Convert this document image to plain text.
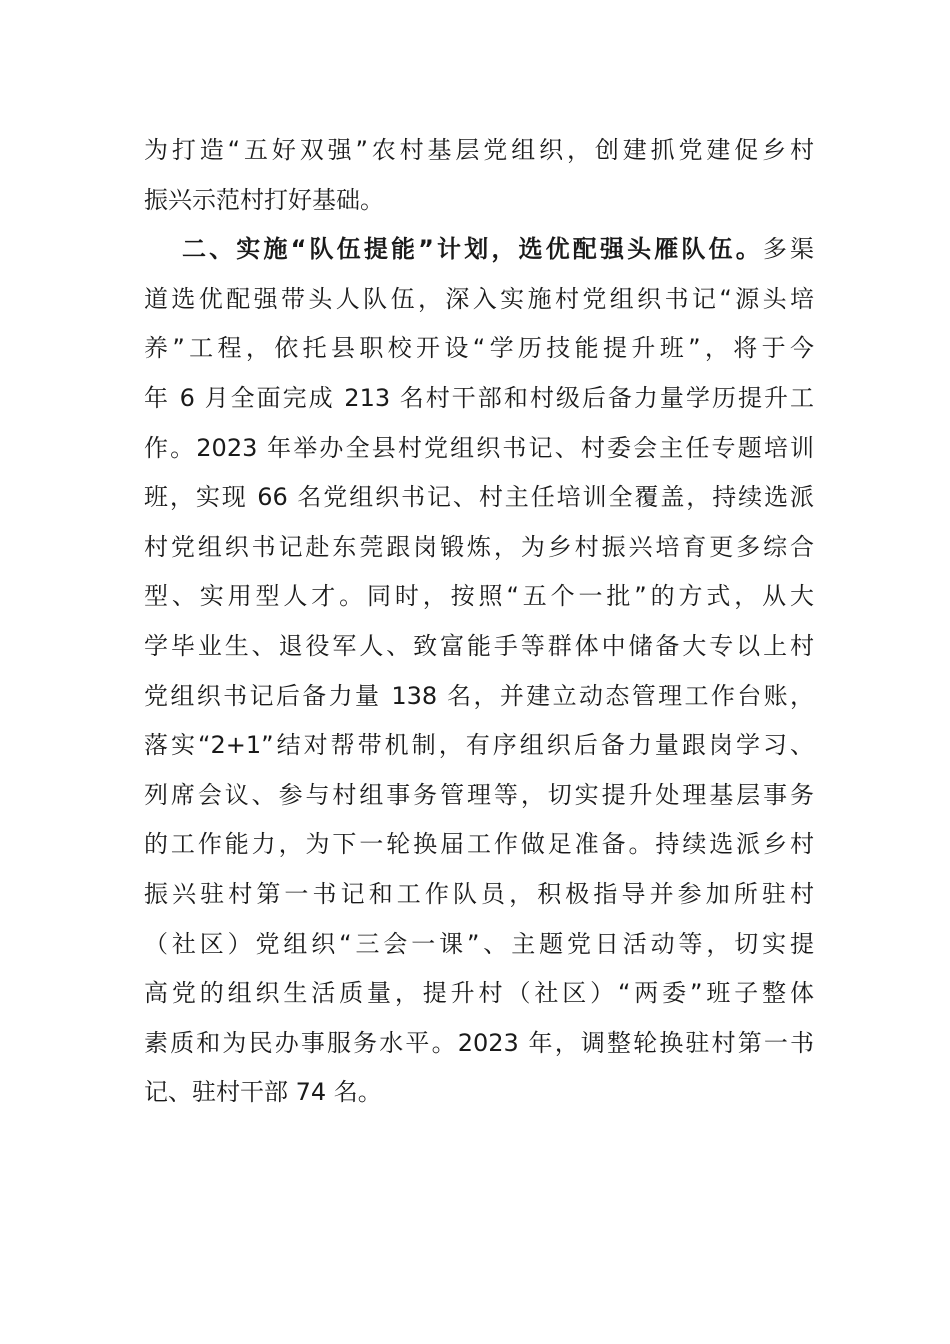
为打造“五好双强”农村基层党组织，创建抓党建促乡村
振兴示范村打好基础。
二、实施“队伍提能”计划，选优配强头雁队伍。多渠
道选优配强带头人队伍，深入实施村党组织书记“源头培
养”工程，依托县职校开设“学历技能提升班”，将于今
年 6 月全面完成 213 名村干部和村级后备力量学历提升工
作。2023 年举办全县村党组织书记、村委会主任专题培训
班，实现 66 名党组织书记、村主任培训全覆盖，持续选派
村党组织书记赴东莞跟岗锻炼，为乡村振兴培育更多综合
型、实用型人才。同时，按照“五个一批”的方式，从大
学毕业生、退役军人、致富能手等群体中储备大专以上村
党组织书记后备力量 138 名，并建立动态管理工作台账，
落实“2+1”结对帮带机制，有序组织后备力量跟岗学习、
列席会议、参与村组事务管理等，切实提升处理基层事务
的工作能力，为下一轮换届工作做足准备。持续选派乡村
振兴驻村第一书记和工作队员，积极指导并参加所驻村
（社区）党组织“三会一课”、主题党日活动等，切实提
高党的组织生活质量，提升村（社区）“两委”班子整体
素质和为民办事服务水平。2023 年，调整轮换驻村第一书
记、驻村干部 74 名。
